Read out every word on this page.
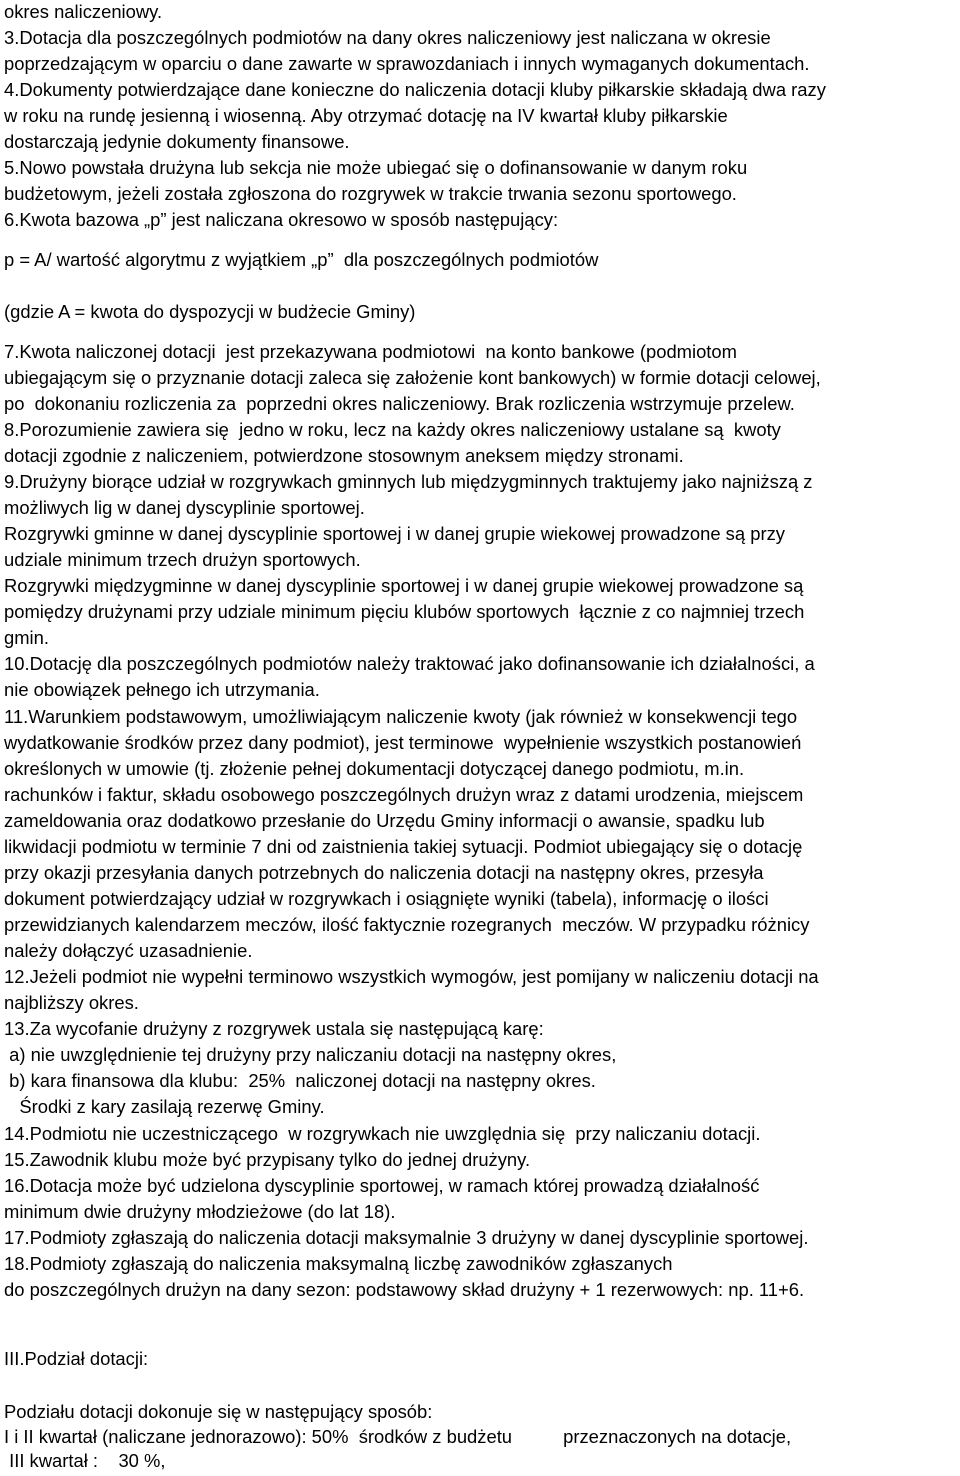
okres naliczeniowy.
3.Dotacja dla poszczególnych podmiotów na dany okres naliczeniowy jest naliczana w okresie
poprzedzającym w oparciu o dane zawarte w sprawozdaniach i innych wymaganych dokumentach.
4.Dokumenty potwierdzające dane konieczne do naliczenia dotacji kluby piłkarskie składają dwa razy
w roku na rundę jesienną i wiosenną. Aby otrzymać dotację na IV kwartał kluby piłkarskie
dostarczają jedynie dokumenty finansowe.
5.Nowo powstała drużyna lub sekcja nie może ubiegać się o dofinansowanie w danym roku
budżetowym, jeżeli została zgłoszona do rozgrywek w trakcie trwania sezonu sportowego.
6.Kwota bazowa „p” jest naliczana okresowo w sposób następujący:
p = A/ wartość algorytmu z wyjątkiem „p”  dla poszczególnych podmiotów
(gdzie A = kwota do dyspozycji w budżecie Gminy)
7.Kwota naliczonej dotacji  jest przekazywana podmiotowi  na konto bankowe (podmiotom
ubiegającym się o przyznanie dotacji zaleca się założenie kont bankowych) w formie dotacji celowej,
po  dokonaniu rozliczenia za  poprzedni okres naliczeniowy. Brak rozliczenia wstrzymuje przelew.
8.Porozumienie zawiera się  jedno w roku, lecz na każdy okres naliczeniowy ustalane są  kwoty
dotacji zgodnie z naliczeniem, potwierdzone stosownym aneksem między stronami.
9.Drużyny biorące udział w rozgrywkach gminnych lub międzygminnych traktujemy jako najniższą z
możliwych lig w danej dyscyplinie sportowej.
Rozgrywki gminne w danej dyscyplinie sportowej i w danej grupie wiekowej prowadzone są przy
udziale minimum trzech drużyn sportowych.
Rozgrywki międzygminne w danej dyscyplinie sportowej i w danej grupie wiekowej prowadzone są
pomiędzy drużynami przy udziale minimum pięciu klubów sportowych  łącznie z co najmniej trzech
gmin.
10.Dotację dla poszczególnych podmiotów należy traktować jako dofinansowanie ich działalności, a
nie obowiązek pełnego ich utrzymania.
11.Warunkiem podstawowym, umożliwiającym naliczenie kwoty (jak również w konsekwencji tego
wydatkowanie środków przez dany podmiot), jest terminowe  wypełnienie wszystkich postanowień
określonych w umowie (tj. złożenie pełnej dokumentacji dotyczącej danego podmiotu, m.in.
rachunków i faktur, składu osobowego poszczególnych drużyn wraz z datami urodzenia, miejscem
zameldowania oraz dodatkowo przesłanie do Urzędu Gminy informacji o awansie, spadku lub
likwidacji podmiotu w terminie 7 dni od zaistnienia takiej sytuacji. Podmiot ubiegający się o dotację
przy okazji przesyłania danych potrzebnych do naliczenia dotacji na następny okres, przesyła
dokument potwierdzający udział w rozgrywkach i osiągnięte wyniki (tabela), informację o ilości
przewidzianych kalendarzem meczów, ilość faktycznie rozegranych  meczów. W przypadku różnicy
należy dołączyć uzasadnienie.
12.Jeżeli podmiot nie wypełni terminowo wszystkich wymogów, jest pomijany w naliczeniu dotacji na
najbliższy okres.
13.Za wycofanie drużyny z rozgrywek ustala się następującą karę:
a) nie uwzględnienie tej drużyny przy naliczaniu dotacji na następny okres,
b) kara finansowa dla klubu:  25%  naliczonej dotacji na następny okres.
Środki z kary zasilają rezerwę Gminy.
14.Podmiotu nie uczestniczącego  w rozgrywkach nie uwzględnia się  przy naliczaniu dotacji.
15.Zawodnik klubu może być przypisany tylko do jednej drużyny.
16.Dotacja może być udzielona dyscyplinie sportowej, w ramach której prowadzą działalność
minimum dwie drużyny młodzieżowe (do lat 18).
17.Podmioty zgłaszają do naliczenia dotacji maksymalnie 3 drużyny w danej dyscyplinie sportowej.
18.Podmioty zgłaszają do naliczenia maksymalną liczbę zawodników zgłaszanych
do poszczególnych drużyn na dany sezon: podstawowy skład drużyny + 1 rezerwowych: np. 11+6.
III.Podział dotacji:
Podziału dotacji dokonuje się w następujący sposób:
I i II kwartał (naliczane jednorazowo): 50%  środków z budżetu          przeznaczonych na dotacje,
III kwartał :    30 %,
